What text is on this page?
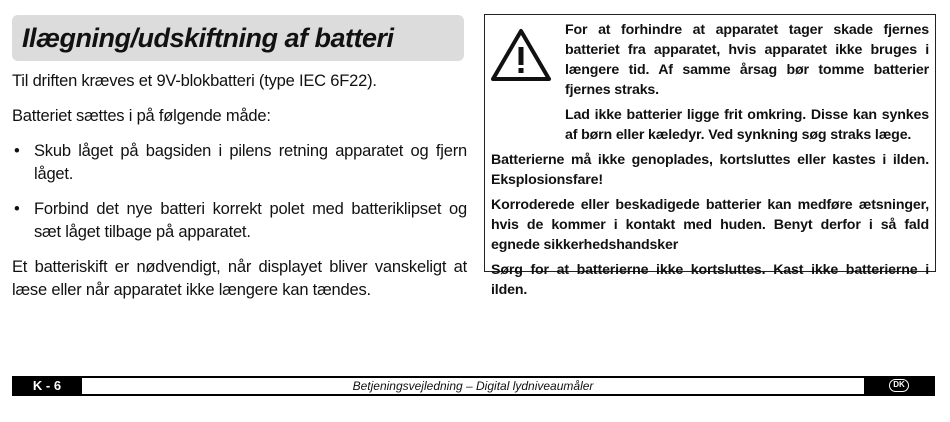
Ilægning/udskiftning af batteri

Til driften kræves et 9V-blokbatteri (type IEC 6F22).

Batteriet sættes i på følgende måde:

• Skub låget på bagsiden i pilens retning apparatet og fjern låget.
• Forbind det nye batteri korrekt polet med batteriklipset og sæt låget tilbage på apparatet.

Et batteriskift er nødvendigt, når displayet bliver vanskeligt at læse eller når apparatet ikke længere kan tændes.

For at forhindre at apparatet tager skade fjernes batteriet fra apparatet, hvis apparatet ikke bruges i længere tid. Af samme årsag bør tomme batterier fjernes straks.

Lad ikke batterier ligge frit omkring. Disse kan synkes af børn eller kæledyr. Ved synkning søg straks læge.

Batterierne må ikke genoplades, kortsluttes eller kastes i ilden. Eksplosionsfare!

Korroderede eller beskadigede batterier kan medføre ætsninger, hvis de kommer i kontakt med huden. Benyt derfor i så fald egnede sikkerhedshandsker

Sørg for at batterierne ikke kortsluttes. Kast ikke batterierne i ilden.

K - 6	Betjeningsvejledning – Digital lydniveaumåler	DK
